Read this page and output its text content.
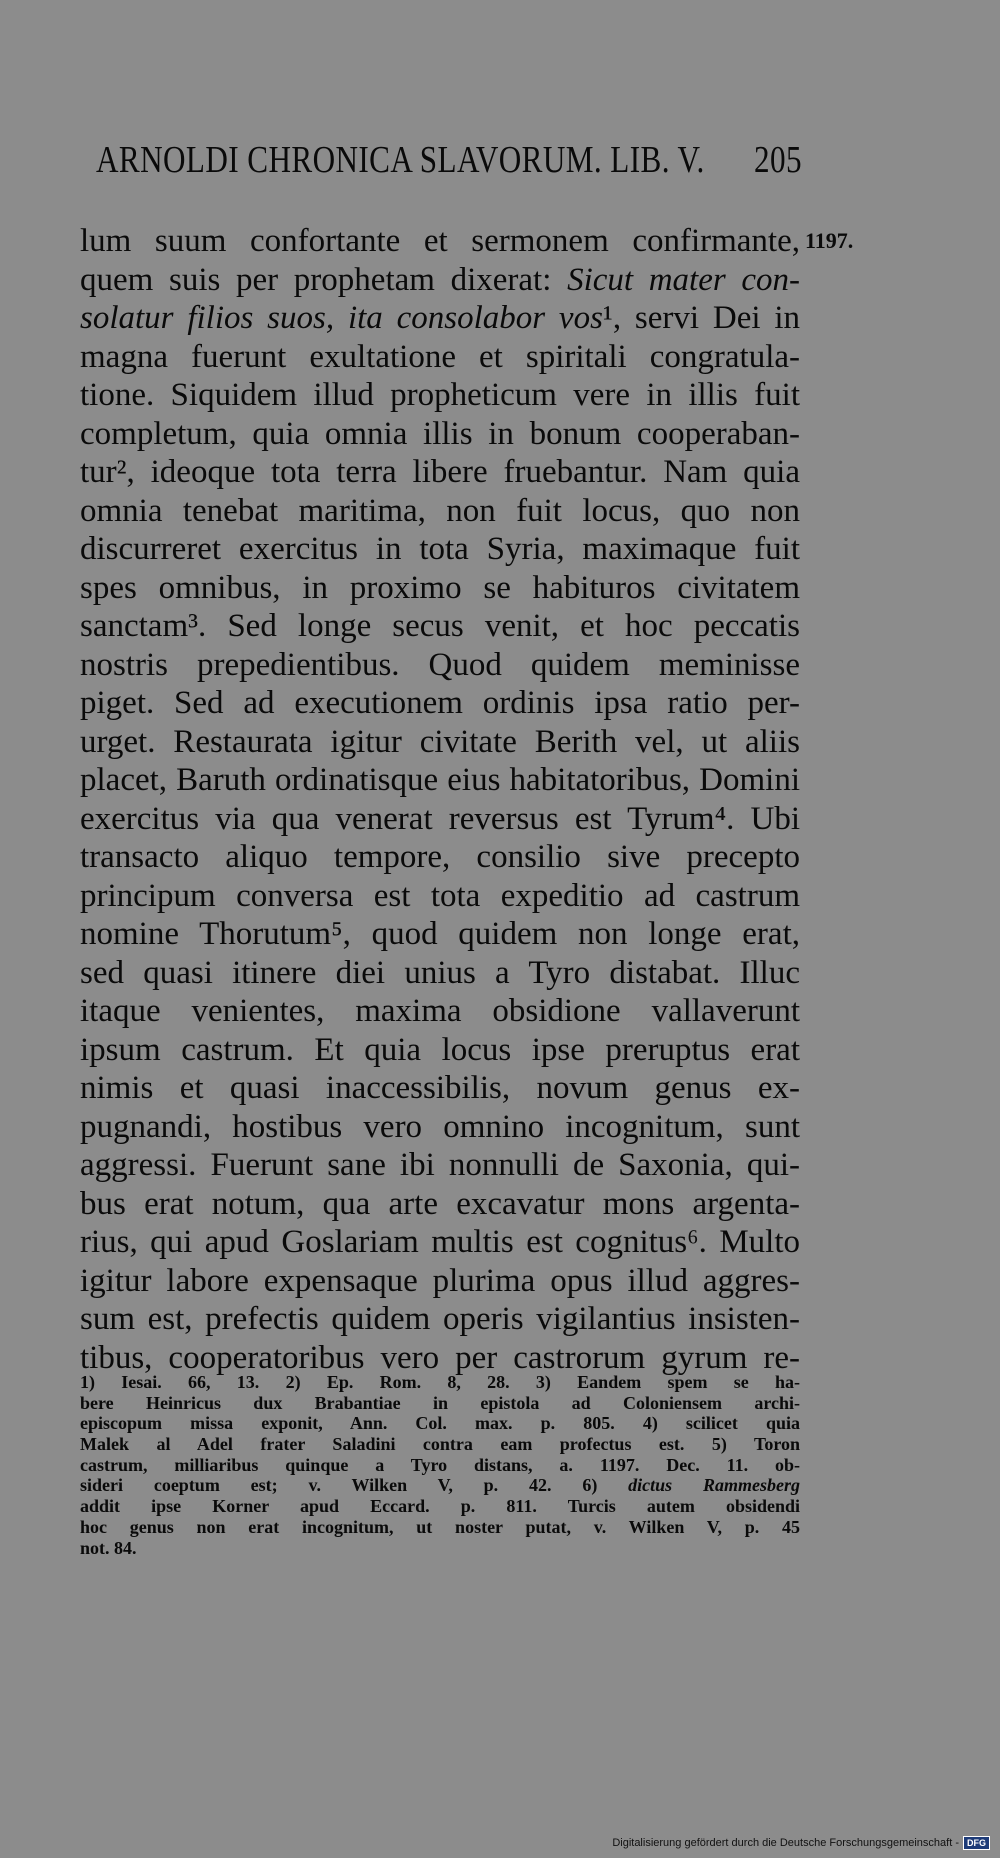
ARNOLDI CHRONICA SLAVORUM. LIB. V. 205
1197.
lum suum confortante et sermonem confirmante,
quem suis per prophetam dixerat: Sicut mater con-
solatur filios suos, ita consolabor vos¹, servi Dei in
magna fuerunt exultatione et spiritali congratula-
tione. Siquidem illud propheticum vere in illis fuit
completum, quia omnia illis in bonum cooperaban-
tur², ideoque tota terra libere fruebantur. Nam quia
omnia tenebat maritima, non fuit locus, quo non
discurreret exercitus in tota Syria, maximaque fuit
spes omnibus, in proximo se habituros civitatem
sanctam³. Sed longe secus venit, et hoc peccatis
nostris prepedientibus. Quod quidem meminisse
piget. Sed ad executionem ordinis ipsa ratio per-
urget. Restaurata igitur civitate Berith vel, ut aliis
placet, Baruth ordinatisque eius habitatoribus, Domini
exercitus via qua venerat reversus est Tyrum⁴. Ubi
transacto aliquo tempore, consilio sive precepto
principum conversa est tota expeditio ad castrum
nomine Thorutum⁵, quod quidem non longe erat,
sed quasi itinere diei unius a Tyro distabat. Illuc
itaque venientes, maxima obsidione vallaverunt
ipsum castrum. Et quia locus ipse preruptus erat
nimis et quasi inaccessibilis, novum genus ex-
pugnandi, hostibus vero omnino incognitum, sunt
aggressi. Fuerunt sane ibi nonnulli de Saxonia, qui-
bus erat notum, qua arte excavatur mons argenta-
rius, qui apud Goslariam multis est cognitus⁶. Multo
igitur labore expensaque plurima opus illud aggres-
sum est, prefectis quidem operis vigilantius insisten-
tibus, cooperatoribus vero per castrorum gyrum re-
1) Iesai. 66, 13. 2) Ep. Rom. 8, 28. 3) Eandem spem se ha-
bere Heinricus dux Brabantiae in epistola ad Coloniensem archi-
episcopum missa exponit, Ann. Col. max. p. 805. 4) scilicet quia
Malek al Adel frater Saladini contra eam profectus est. 5) Toron
castrum, milliaribus quinque a Tyro distans, a. 1197. Dec. 11. ob-
sideri coeptum est; v. Wilken V, p. 42. 6) dictus Rammesberg
addit ipse Korner apud Eccard. p. 811. Turcis autem obsidendi
hoc genus non erat incognitum, ut noster putat, v. Wilken V, p. 45
not. 84.
Digitalisierung gefördert durch die Deutsche Forschungsgemeinschaft - DFG
